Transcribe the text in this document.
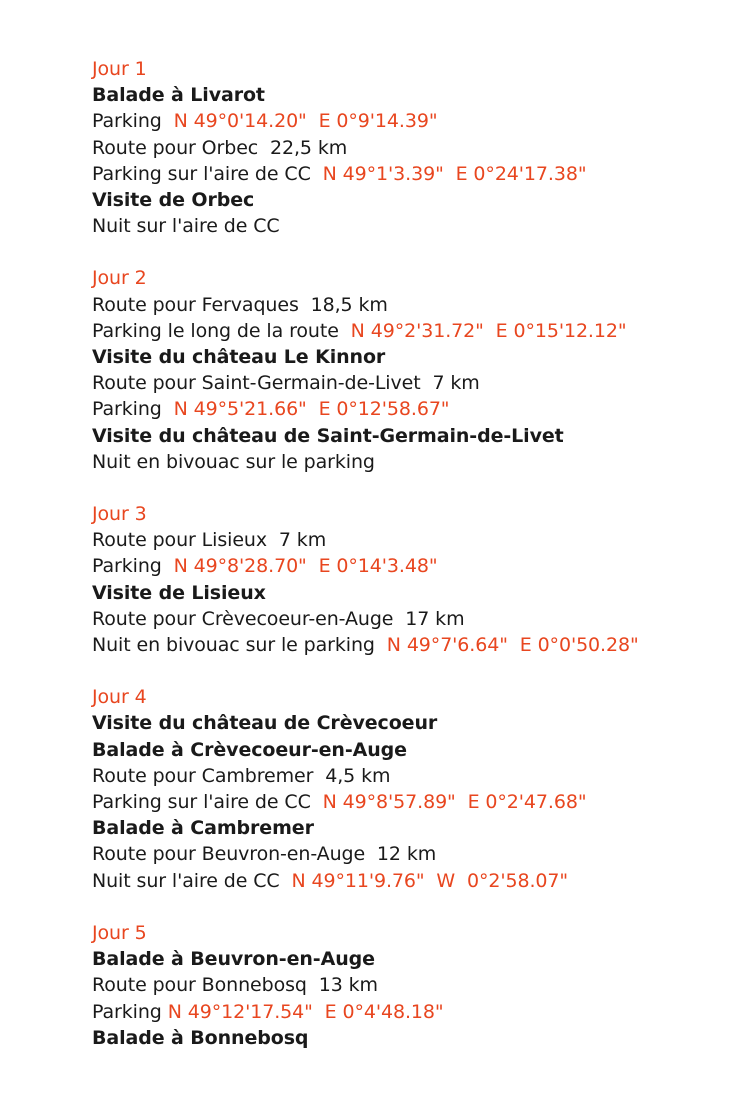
Jour 1
Balade à Livarot
Parking  N 49°0'14.20"  E 0°9'14.39"
Route pour Orbec  22,5 km
Parking sur l'aire de CC  N 49°1'3.39"  E 0°24'17.38"
Visite de Orbec
Nuit sur l'aire de CC
Jour 2
Route pour Fervaques  18,5 km
Parking le long de la route  N 49°2'31.72"  E 0°15'12.12"
Visite du château Le Kinnor
Route pour Saint-Germain-de-Livet  7 km
Parking  N 49°5'21.66"  E 0°12'58.67"
Visite du château de Saint-Germain-de-Livet
Nuit en bivouac sur le parking
Jour 3
Route pour Lisieux  7 km
Parking  N 49°8'28.70"  E 0°14'3.48"
Visite de Lisieux
Route pour Crèvecoeur-en-Auge  17 km
Nuit en bivouac sur le parking  N 49°7'6.64"  E 0°0'50.28"
Jour 4
Visite du château de Crèvecoeur
Balade à Crèvecoeur-en-Auge
Route pour Cambremer  4,5 km
Parking sur l'aire de CC  N 49°8'57.89"  E 0°2'47.68"
Balade à Cambremer
Route pour Beuvron-en-Auge  12 km
Nuit sur l'aire de CC  N 49°11'9.76"  W  0°2'58.07"
Jour 5
Balade à Beuvron-en-Auge
Route pour Bonnebosq  13 km
Parking N 49°12'17.54"  E 0°4'48.18"
Balade à Bonnebosq
